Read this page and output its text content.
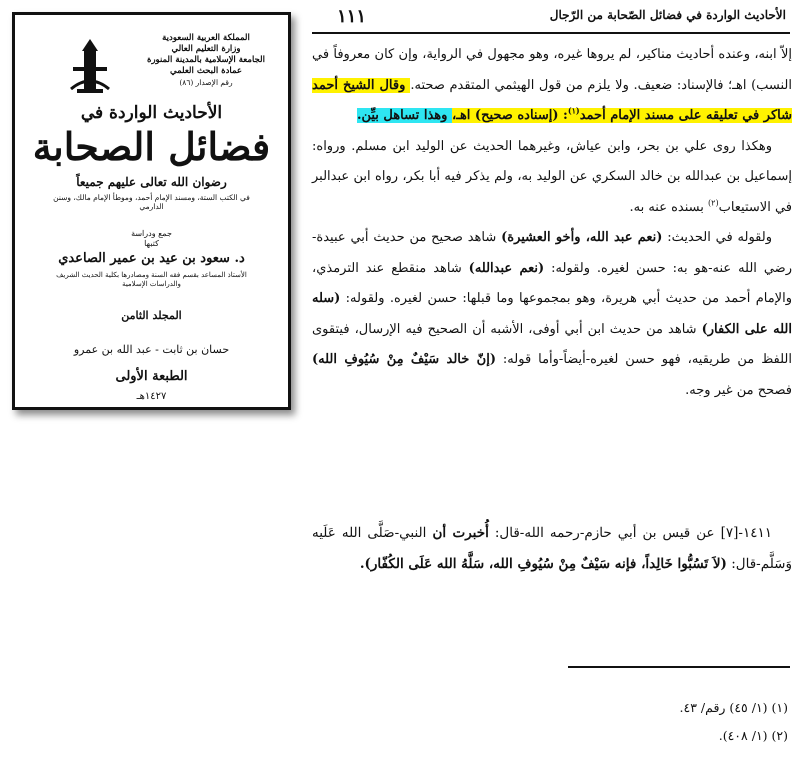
المملكة العربية السعودية
وزارة التعليم العالي
الجامعة الإسلامية بالمدينة المنورة
عمادة البحث العلمي
رقم الإصدار (٨٦)
الأحاديث الواردة في
فضائل الصحابة
رضوان الله تعالى عليهم جميعاً
في الكتب الستة، ومسند الإمام أحمد، وموطأ الإمام مالك، وسنن الدارمي
جمع ودراسة
كتبها
د. سعود بن عيد بن عمير الصاعدي
الأستاذ المساعد بقسم فقه السنة ومصادرها بكلية الحديث الشريف والدراسات الإسلامية
المجلد الثامن
حسان بن ثابت - عبد الله بن عمرو
الطبعة الأولى
١٤٢٧هـ
١١١	الأحاديث الواردة في فضائل الصّحابة من الرّجال

إلاّ ابنه، وعنده أحاديث مناكير، لم يروها غيره، وهو مجهول في الرواية، وإن كان معروفاً في النسب) اهـ؛ فالإسناد: ضعيف. ولا يلزم من قول الهيثمي المتقدم صحته. وقال الشيخ أحمد شاكر في تعليقه على مسند الإمام أحمد$^{(١)}$: (إسناده صحيح) اهـ، وهذا تساهل بيِّن.

وهكذا روى علي بن بحر، وابن عياش، وغيرهما الحديث عن الوليد ابن مسلم. ورواه: إسماعيل بن عبدالله بن خالد السكري عن الوليد به، ولم يذكر فيه أبا بكر، رواه ابن عبدالبر في الاستيعاب$^{(٢)}$ بسنده عنه به.

ولقوله في الحديث: (نعم عبد الله، وأخو العشيرة) شاهد صحيح من حديث أبي عبيدة-رضي الله عنه-هو به: حسن لغيره. ولقوله: (نعم عبدالله) شاهد منقطع عند الترمذي، والإمام أحمد من حديث أبي هريرة، وهو بمجموعها وما قبلها: حسن لغيره. ولقوله: (سله الله على الكفار) شاهد من حديث ابن أبي أوفى، الأشبه أن الصحيح فيه الإرسال، فيتقوى اللفظ من طريقيه، فهو حسن لغيره-أيضاً-وأما قوله: (إنّ خالد سَيْفٌ مِنْ سُيُوفِ الله) فصحح من غير وجه.

١٤١١-[٧] عن قيس بن أبي حازم-رحمه الله-قال: أُخبرت أن النبي-صَلَّى الله عَلَيه وَسَلَّم-قال: (لاَ تَسُبُّوا خَالِداً، فإنه سَيْفٌ مِنْ سُيُوفِ الله، سَلَّهُ الله عَلَى الكُفّار).

(١) (١/ ٤٥) رقم/ ٤٣.
(٢) (١/ ٤٠٨).
